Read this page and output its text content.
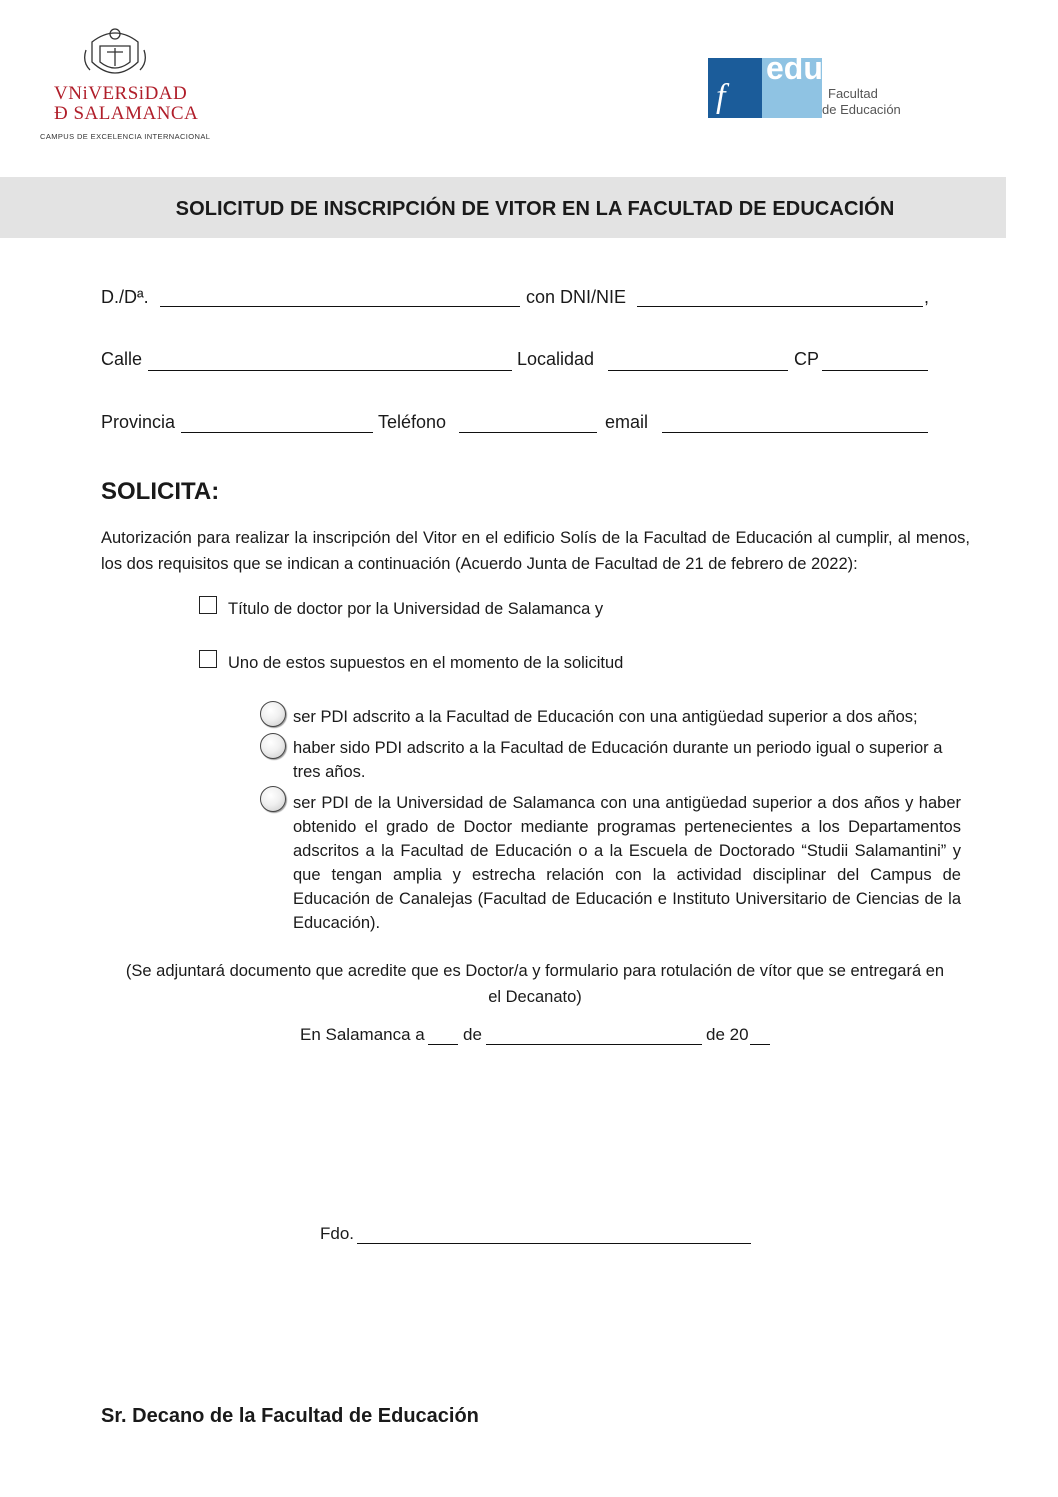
VNiVERSiDAD
Ð SALAMANCA
CAMPUS DE EXCELENCIA INTERNACIONAL
f
edu
Facultad
de Educación
SOLICITUD DE INSCRIPCIÓN DE VITOR EN LA FACULTAD DE EDUCACIÓN
D./Dª.	con DNI/NIE	,
Calle	Localidad	CP
Provincia	Teléfono	email
SOLICITA:
Autorización para realizar la inscripción del Vitor en el edificio Solís de la Facultad de Educación al cumplir, al menos, los dos requisitos que se indican a continuación (Acuerdo Junta de Facultad de 21 de febrero de 2022):
Título de doctor por la Universidad de Salamanca y
Uno de estos supuestos en el momento de la solicitud
ser PDI adscrito a la Facultad de Educación con una antigüedad superior a dos años;
haber sido PDI adscrito a la Facultad de Educación durante un periodo igual o superior a tres años.
ser PDI de la Universidad de Salamanca con una antigüedad superior a dos años y haber obtenido el grado de Doctor mediante programas pertenecientes a los Departamentos adscritos a la Facultad de Educación o a la Escuela de Doctorado “Studii Salamantini” y que tengan amplia y estrecha relación con la actividad disciplinar del Campus de Educación de Canalejas (Facultad de Educación e Instituto Universitario de Ciencias de la Educación).
(Se adjuntará documento que acredite que es Doctor/a y formulario para rotulación de vítor que se entregará en el Decanato)
En Salamanca a de	de 20
Fdo.
Sr. Decano de la Facultad de Educación
